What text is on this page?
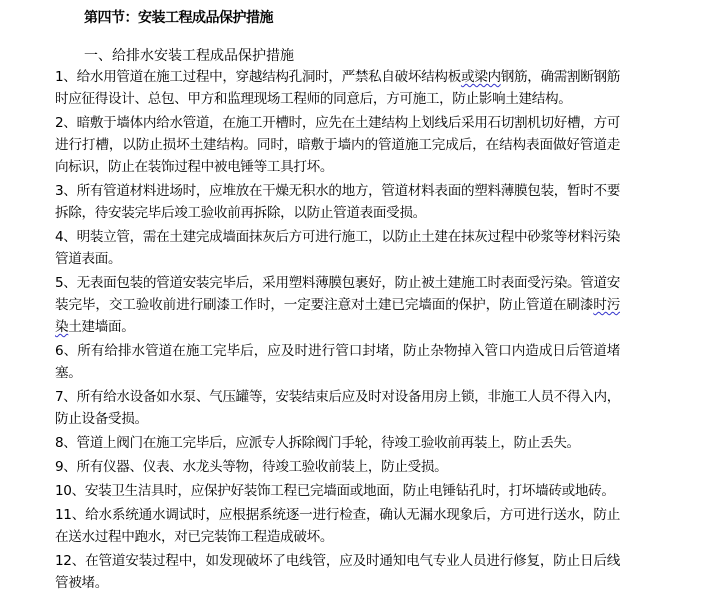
第四节：安装工程成品保护措施
一、给排水安装工程成品保护措施

1、给水用管道在施工过程中，穿越结构孔洞时，严禁私自破坏结构板或梁内钢筋，确需割断钢筋时应征得设计、总包、甲方和监理现场工程师的同意后，方可施工，防止影响土建结构。

2、暗敷于墙体内给水管道，在施工开槽时，应先在土建结构上划线后采用石切割机切好槽，方可进行打槽，以防止损坏土建结构。同时，暗敷于墙内的管道施工完成后，在结构表面做好管道走向标识，防止在装饰过程中被电锤等工具打坏。

3、所有管道材料进场时，应堆放在干燥无积水的地方，管道材料表面的塑料薄膜包装，暂时不要拆除，待安装完毕后竣工验收前再拆除，以防止管道表面受损。

4、明装立管，需在土建完成墙面抹灰后方可进行施工，以防止土建在抹灰过程中砂浆等材料污染管道表面。

5、无表面包装的管道安装完毕后，采用塑料薄膜包裹好，防止被土建施工时表面受污染。管道安装完毕，交工验收前进行刷漆工作时，一定要注意对土建已完墙面的保护，防止管道在刷漆时污染土建墙面。

6、所有给排水管道在施工完毕后，应及时进行管口封堵，防止杂物掉入管口内造成日后管道堵塞。

7、所有给水设备如水泵、气压罐等，安装结束后应及时对设备用房上锁，非施工人员不得入内，防止设备受损。

8、管道上阀门在施工完毕后，应派专人拆除阀门手轮，待竣工验收前再装上，防止丢失。

9、所有仪器、仪表、水龙头等物，待竣工验收前装上，防止受损。

10、安装卫生洁具时，应保护好装饰工程已完墙面或地面，防止电锤钻孔时，打坏墙砖或地砖。

11、给水系统通水调试时，应根据系统逐一进行检查，确认无漏水现象后，方可进行送水，防止在送水过程中跑水，对已完装饰工程造成破坏。

12、在管道安装过程中，如发现破坏了电线管，应及时通知电气专业人员进行修复，防止日后线管被堵。
